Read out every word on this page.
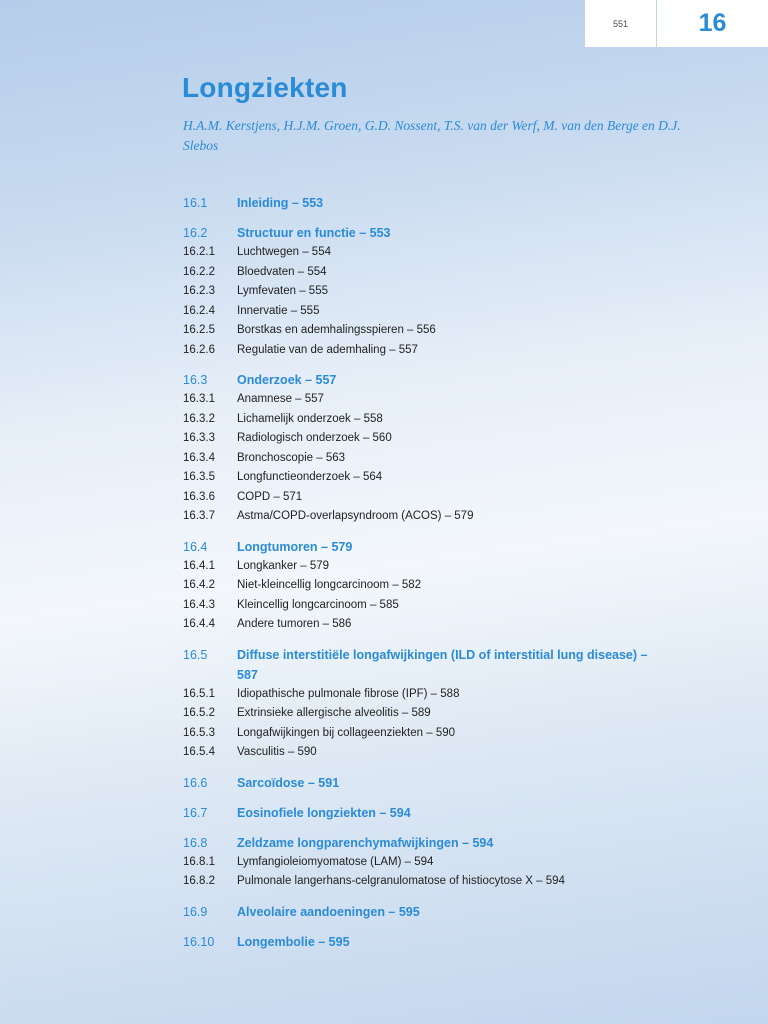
551	16
Longziekten
H.A.M. Kerstjens, H.J.M. Groen, G.D. Nossent, T.S. van der Werf, M. van den Berge en D.J. Slebos
16.1	Inleiding – 553
16.2	Structuur en functie – 553
16.2.1	Luchtwegen – 554
16.2.2	Bloedvaten – 554
16.2.3	Lymfevaten – 555
16.2.4	Innervatie – 555
16.2.5	Borstkas en ademhalingsspieren – 556
16.2.6	Regulatie van de ademhaling – 557
16.3	Onderzoek – 557
16.3.1	Anamnese – 557
16.3.2	Lichamelijk onderzoek – 558
16.3.3	Radiologisch onderzoek – 560
16.3.4	Bronchoscopie – 563
16.3.5	Longfunctieonderzoek – 564
16.3.6	COPD – 571
16.3.7	Astma/COPD-overlapsyndroom (ACOS) – 579
16.4	Longtumoren – 579
16.4.1	Longkanker – 579
16.4.2	Niet-kleincellig longcarcinoom – 582
16.4.3	Kleincellig longcarcinoom – 585
16.4.4	Andere tumoren – 586
16.5	Diffuse interstitiële longafwijkingen (ILD of interstitial lung disease) – 587
16.5.1	Idiopathische pulmonale fibrose (IPF) – 588
16.5.2	Extrinsieke allergische alveolitis – 589
16.5.3	Longafwijkingen bij collageenziekten – 590
16.5.4	Vasculitis – 590
16.6	Sarcoïdose – 591
16.7	Eosinofiele longziekten – 594
16.8	Zeldzame longparenchymafwijkingen – 594
16.8.1	Lymfangioleiomyomatose (LAM) – 594
16.8.2	Pulmonale langerhans-celgranulomatose of histiocytose X – 594
16.9	Alveolaire aandoeningen – 595
16.10	Longembolie – 595
